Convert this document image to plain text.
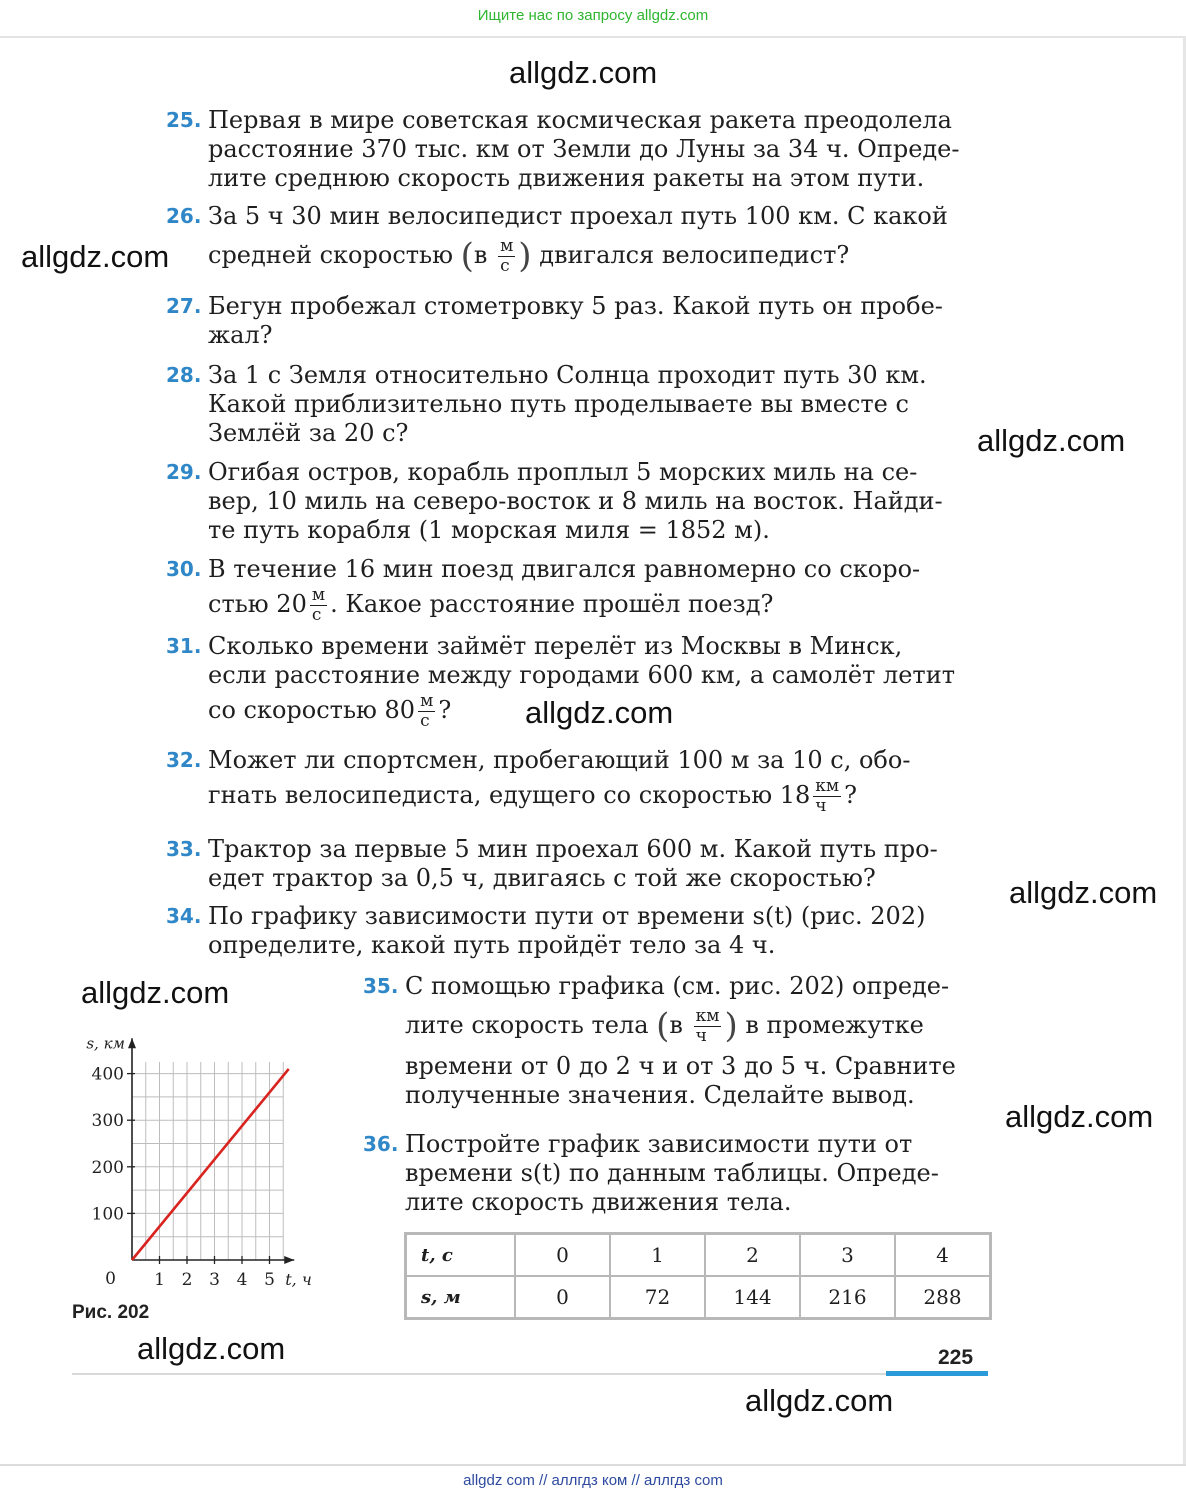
Ищите нас по запросу allgdz.com
allgdz.com
allgdz.com
allgdz.com
allgdz.com
allgdz.com
allgdz.com
allgdz.com
allgdz.com
allgdz.com
25. Первая в мире советская космическая ракета преодолела
расстояние 370 тыс. км от Земли до Луны за 34 ч. Опреде-
лите среднюю скорость движения ракеты на этом пути.
26. За 5 ч 30 мин велосипедист проехал путь 100 км. С какой
средней скоростью ($в \frac{м}{с}$ ) двигался велосипедист?
27. Бегун пробежал стометровку 5 раз. Какой путь он пробе-
жал?
28. За 1 с Земля относительно Солнца проходит путь 30 км.
Какой приблизительно путь проделываете вы вместе с
Землёй за 20 с?
29. Огибая остров, корабль проплыл 5 морских миль на се-
вер, 10 миль на северо-восток и 8 миль на восток. Найди-
те путь корабля (1 морская миля = 1852 м).
30. В течение 16 мин поезд двигался равномерно со скоро-
стью $20 \frac{м}{с}$ . Какое расстояние прошёл поезд?
31. Сколько времени займёт перелёт из Москвы в Минск,
если расстояние между городами 600 км, а самолёт летит
со скоростью $80 \frac{м}{с}$ ?
32. Может ли спортсмен, пробегающий 100 м за 10 с, обо-
гнать велосипедиста, едущего со скоростью $18 \frac{км}{ч}$ ?
33. Трактор за первые 5 мин проехал 600 м. Какой путь про-
едет трактор за 0,5 ч, двигаясь с той же скоростью?
34. По графику зависимости пути от времени s(t) (рис. 202)
определите, какой путь пройдёт тело за 4 ч.
35. С помощью графика (см. рис. 202) опреде-
лите скорость тела ($в \frac{км}{ч}$ ) в промежутке
времени от 0 до 2 ч и от 3 до 5 ч. Сравните
полученные значения. Сделайте вывод.
36. Постройте график зависимости пути от
времени s(t) по данным таблицы. Опреде-
лите скорость движения тела.
t, с	0	1	2	3	4
s, м	0	72	144	216	288
1 2 3 4 5
100
200
300
400
0	t, ч
s, км
Рис. 202
225
allgdz com // аллгдз ком // аллгдз com
